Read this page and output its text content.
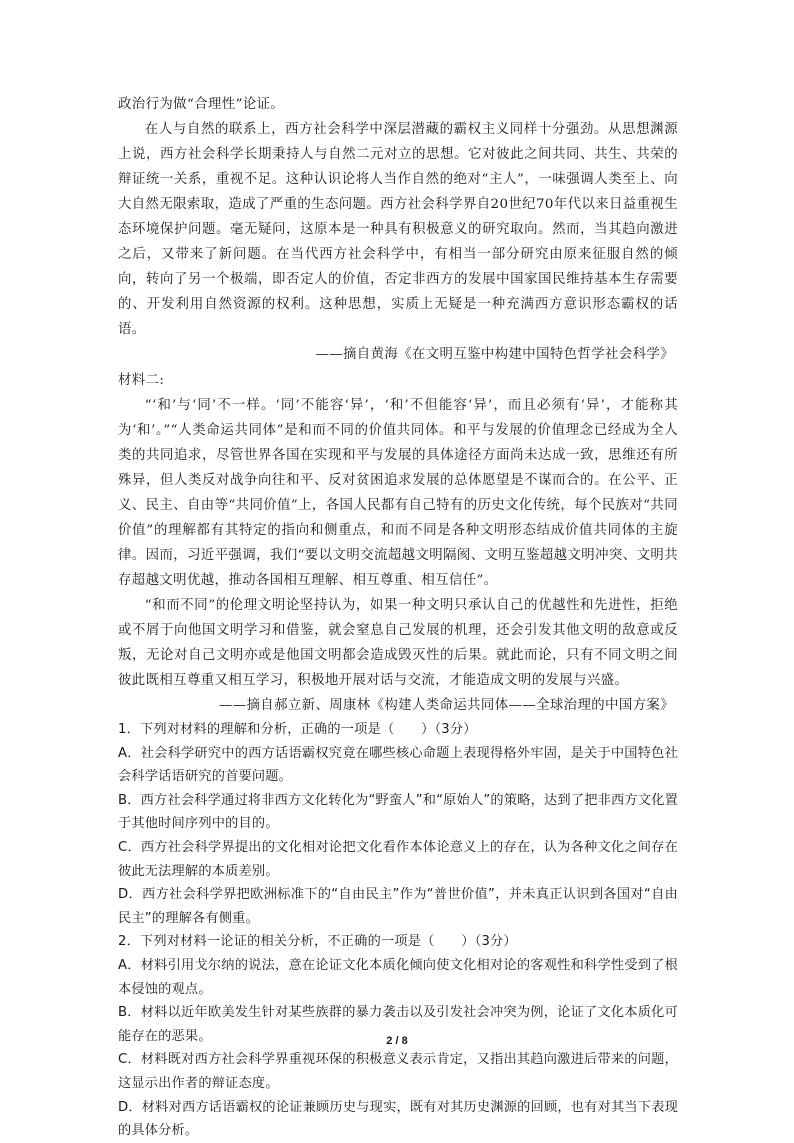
政治行为做“合理性”论证。

在人与自然的联系上，西方社会科学中深层潜藏的霸权主义同样十分强劲。从思想渊源上说，西方社会科学长期秉持人与自然二元对立的思想。它对彼此之间共同、共生、共荣的辩证统一关系，重视不足。这种认识论将人当作自然的绝对“主人”，一味强调人类至上、向大自然无限索取，造成了严重的生态问题。西方社会科学界自20世纪70年代以来日益重视生态环境保护问题。毫无疑问，这原本是一种具有积极意义的研究取向。然而，当其趋向激进之后，又带来了新问题。在当代西方社会科学中，有相当一部分研究由原来征服自然的倾向，转向了另一个极端，即否定人的价值，否定非西方的发展中国家国民维持基本生存需要的、开发利用自然资源的权利。这种思想，实质上无疑是一种充满西方意识形态霸权的话语。

——摘自黄海《在文明互鉴中构建中国特色哲学社会科学》

材料二:

“‘和’与‘同’不一样。‘同’不能容‘异’，‘和’不但能容‘异’，而且必须有‘异’，才能称其为‘和’。”“人类命运共同体”是和而不同的价值共同体。和平与发展的价值理念已经成为全人类的共同追求，尽管世界各国在实现和平与发展的具体途径方面尚未达成一致，思维还有所殊异，但人类反对战争向往和平、反对贫困追求发展的总体愿望是不谋而合的。在公平、正义、民主、自由等“共同价值”上，各国人民都有自己特有的历史文化传统，每个民族对“共同价值”的理解都有其特定的指向和侧重点，和而不同是各种文明形态结成价值共同体的主旋律。因而，习近平强调，我们“要以文明交流超越文明隔阂、文明互鉴超越文明冲突、文明共存超越文明优越，推动各国相互理解、相互尊重、相互信任”。

“和而不同”的伦理文明论坚持认为，如果一种文明只承认自己的优越性和先进性，拒绝或不屑于向他国文明学习和借鉴，就会窒息自己发展的机理，还会引发其他文明的敌意或反叛，无论对自己文明亦或是他国文明都会造成毁灭性的后果。就此而论，只有不同文明之间彼此既相互尊重又相互学习，积极地开展对话与交流，才能造成文明的发展与兴盛。

——摘自郝立新、周康林《构建人类命运共同体——全球治理的中国方案》

1．下列对材料的理解和分析，正确的一项是（　　）（3分）

A．社会科学研究中的西方话语霸权究竟在哪些核心命题上表现得格外牢固，是关于中国特色社会科学话语研究的首要问题。

B．西方社会科学通过将非西方文化转化为“野蛮人”和“原始人”的策略，达到了把非西方文化置于其他时间序列中的目的。

C．西方社会科学界提出的文化相对论把文化看作本体论意义上的存在，认为各种文化之间存在彼此无法理解的本质差别。

D．西方社会科学界把欧洲标准下的“自由民主”作为“普世价值”，并未真正认识到各国对“自由民主”的理解各有侧重。

2．下列对材料一论证的相关分析，不正确的一项是（　　）（3分）

A．材料引用戈尔纳的说法，意在论证文化本质化倾向使文化相对论的客观性和科学性受到了根本侵蚀的观点。

B．材料以近年欧美发生针对某些族群的暴力袭击以及引发社会冲突为例，论证了文化本质化可能存在的恶果。

C．材料既对西方社会科学界重视环保的积极意义表示肯定，又指出其趋向激进后带来的问题，这显示出作者的辩证态度。

D．材料对西方话语霸权的论证兼顾历史与现实，既有对其历史渊源的回顾，也有对其当下表现的具体分析。

2 / 8
